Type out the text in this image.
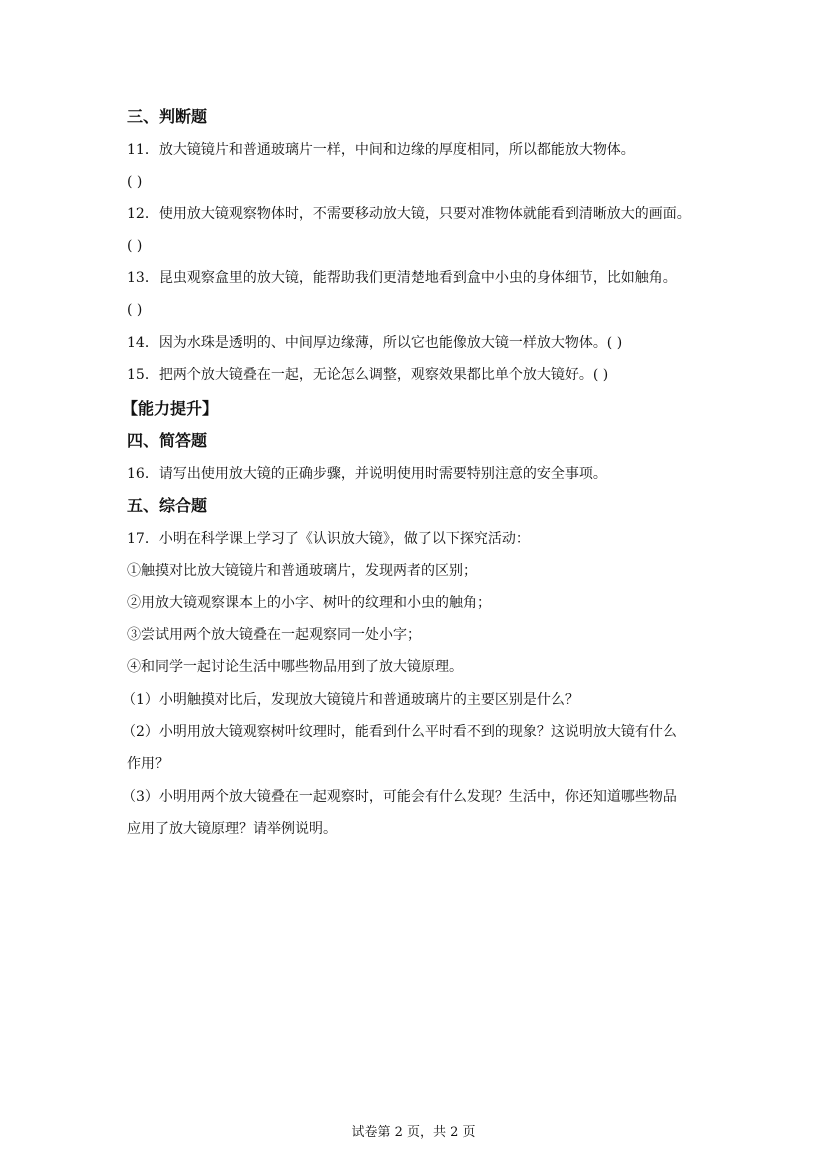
三、判断题
11．放大镜镜片和普通玻璃片一样，中间和边缘的厚度相同，所以都能放大物体。
( )
12．使用放大镜观察物体时，不需要移动放大镜，只要对准物体就能看到清晰放大的画面。
( )
13．昆虫观察盒里的放大镜，能帮助我们更清楚地看到盒中小虫的身体细节，比如触角。
( )
14．因为水珠是透明的、中间厚边缘薄，所以它也能像放大镜一样放大物体。( )
15．把两个放大镜叠在一起，无论怎么调整，观察效果都比单个放大镜好。( )
【能力提升】
四、简答题
16．请写出使用放大镜的正确步骤，并说明使用时需要特别注意的安全事项。
五、综合题
17．小明在科学课上学习了《认识放大镜》，做了以下探究活动：
①触摸对比放大镜镜片和普通玻璃片，发现两者的区别；
②用放大镜观察课本上的小字、树叶的纹理和小虫的触角；
③尝试用两个放大镜叠在一起观察同一处小字；
④和同学一起讨论生活中哪些物品用到了放大镜原理。
（1）小明触摸对比后，发现放大镜镜片和普通玻璃片的主要区别是什么？
（2）小明用放大镜观察树叶纹理时，能看到什么平时看不到的现象？这说明放大镜有什么
作用？
（3）小明用两个放大镜叠在一起观察时，可能会有什么发现？生活中，你还知道哪些物品
应用了放大镜原理？请举例说明。
试卷第 2 页，共 2 页
